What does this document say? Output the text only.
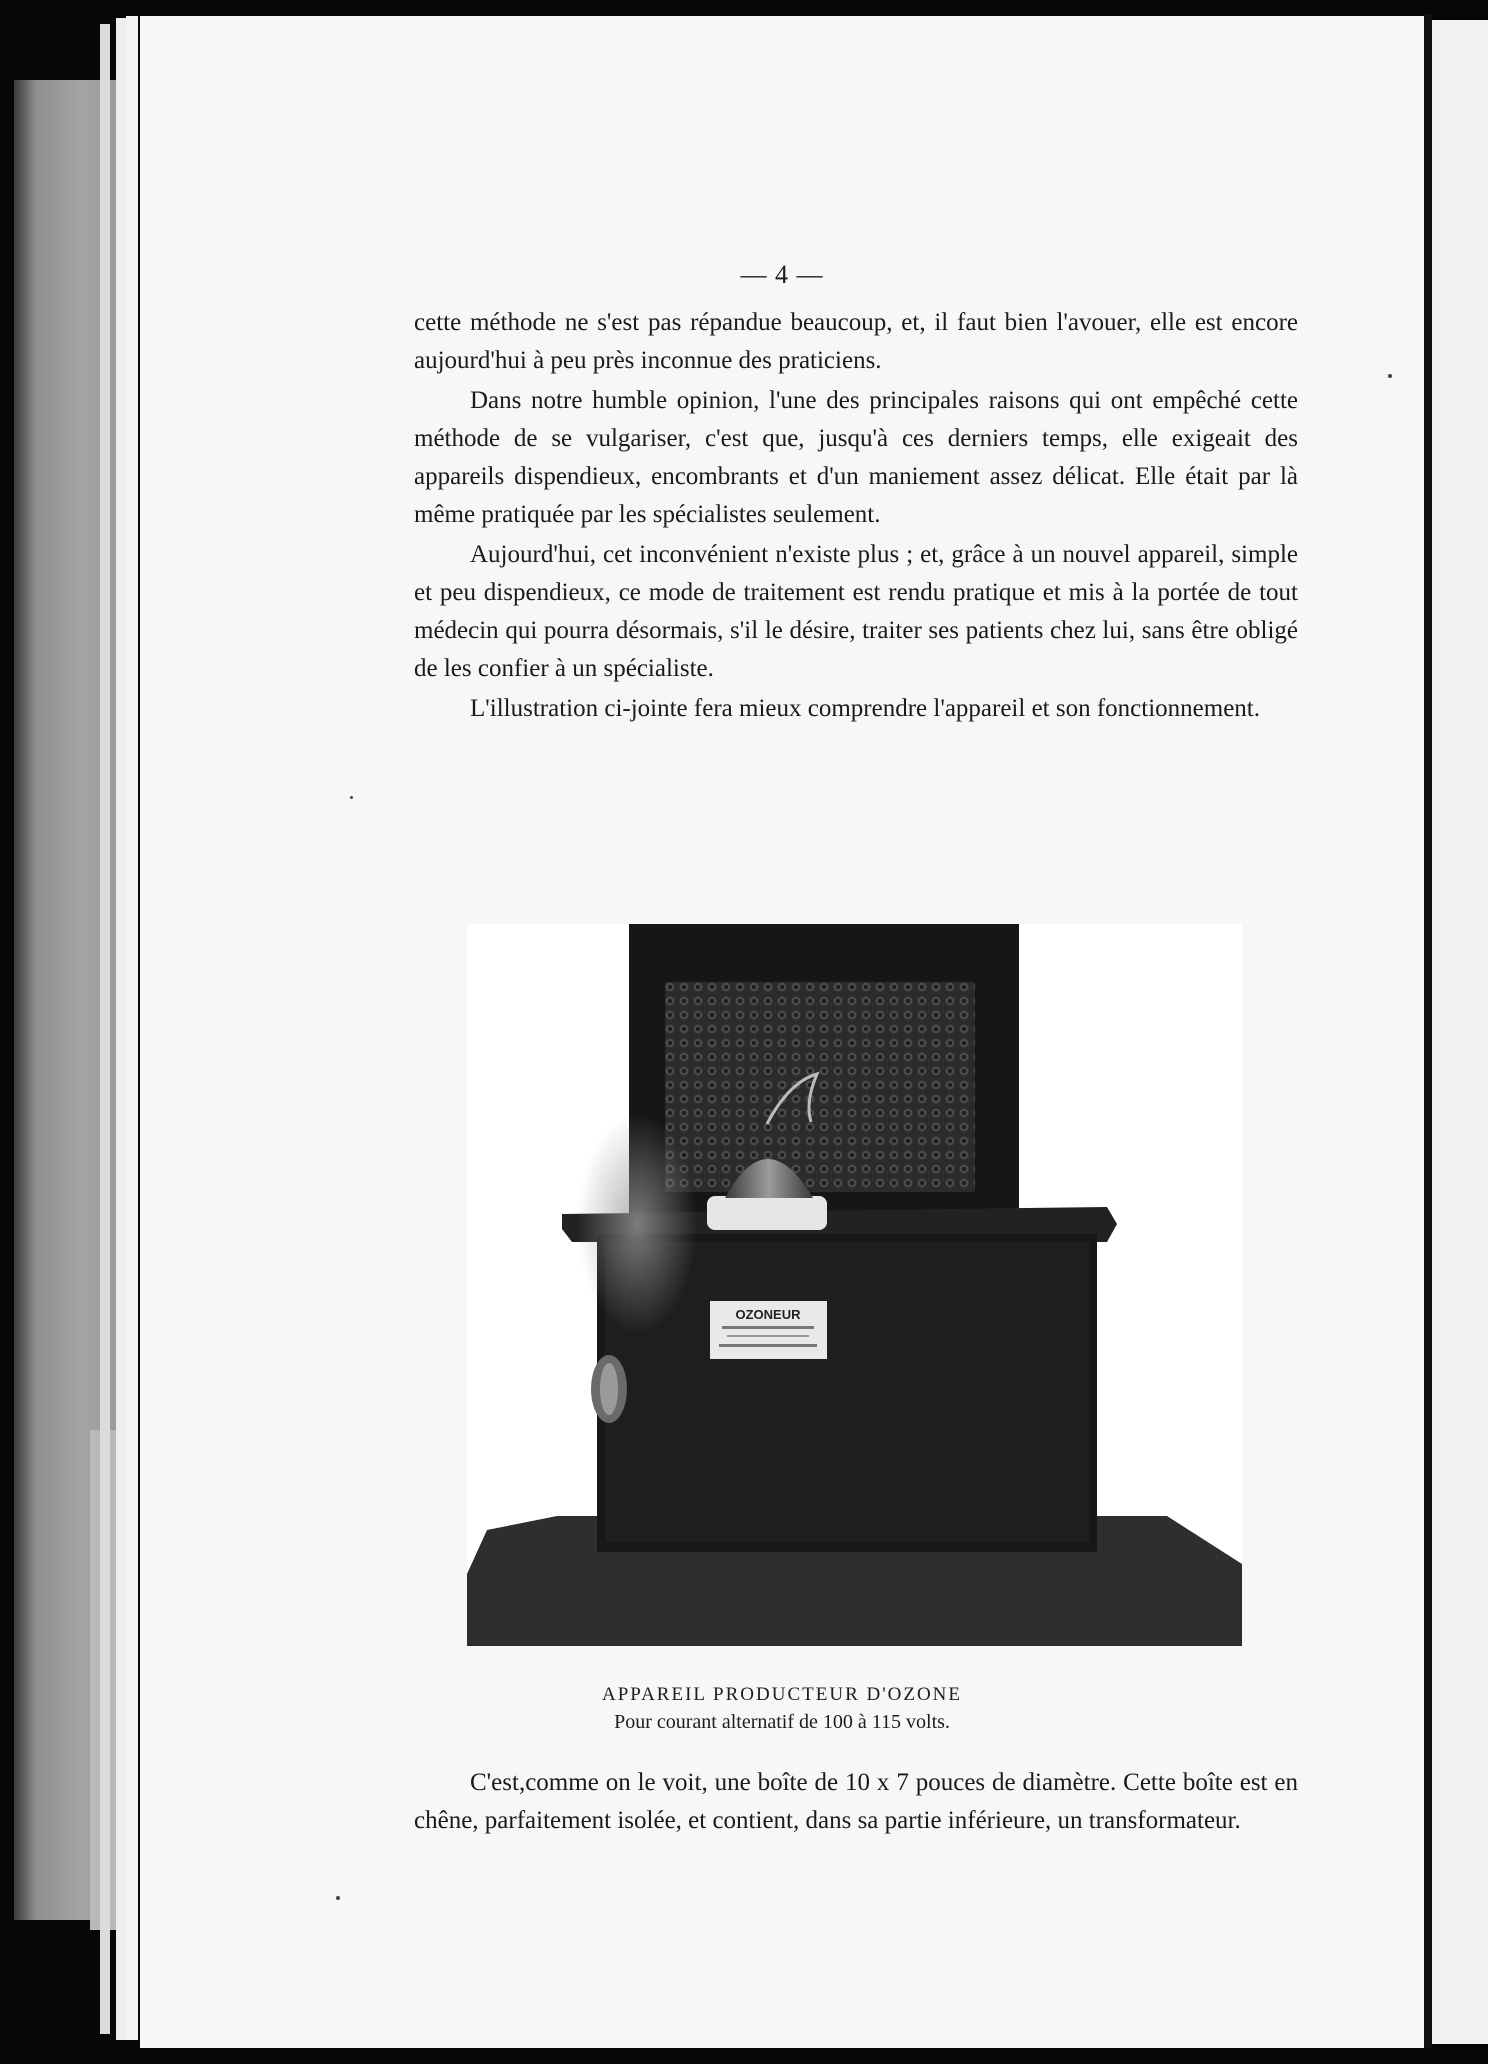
— 4 —

cette méthode ne s'est pas répandue beaucoup, et, il faut bien l'avouer, elle est encore aujourd'hui à peu près inconnue des praticiens.

Dans notre humble opinion, l'une des principales raisons qui ont empêché cette méthode de se vulgariser, c'est que, jusqu'à ces derniers temps, elle exigeait des appareils dispendieux, encombrants et d'un maniement assez délicat. Elle était par là même pratiquée par les spécialistes seulement.

Aujourd'hui, cet inconvénient n'existe plus ; et, grâce à un nouvel appareil, simple et peu dispendieux, ce mode de traitement est rendu pratique et mis à la portée de tout médecin qui pourra désormais, s'il le désire, traiter ses patients chez lui, sans être obligé de les confier à un spécialiste.

L'illustration ci-jointe fera mieux comprendre l'appareil et son fonctionnement.

OZONEUR
APPAREIL PRODUCTEUR D'OZONE
Pour courant alternatif de 100 à 115 volts.

C'est,comme on le voit, une boîte de 10 x 7 pouces de diamètre. Cette boîte est en chêne, parfaitement isolée, et contient, dans sa partie inférieure, un transformateur.
